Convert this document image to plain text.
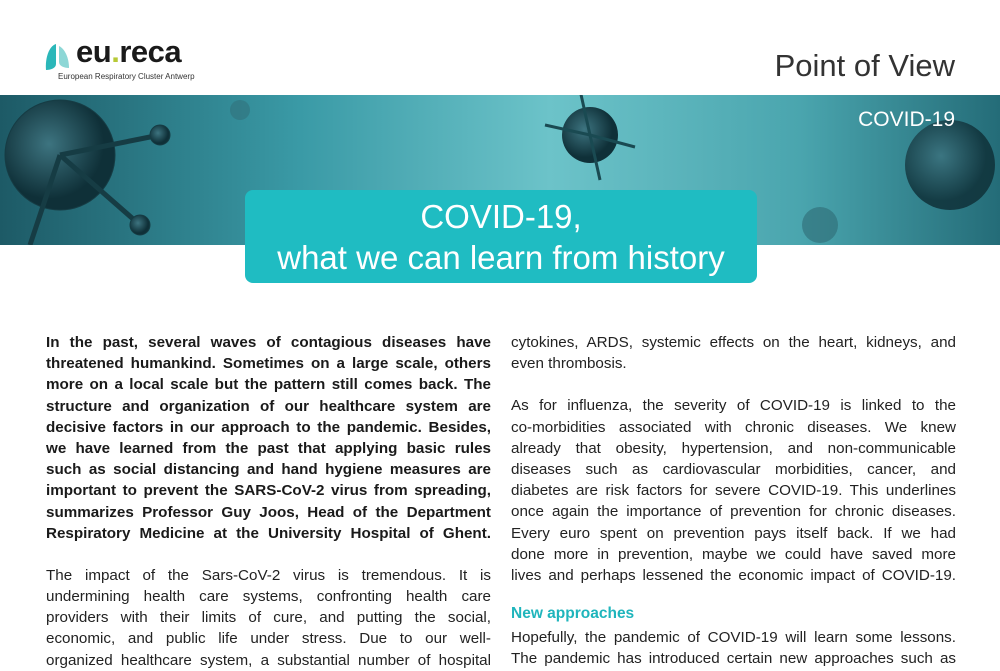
eu.reca
European Respiratory Cluster Antwerp	Point of View
COVID-19
COVID-19,
what we can learn from history
In the past, several waves of contagious diseases have
threatened humankind. Sometimes on a large scale, others
more on a local scale but the pattern still comes back. The
structure and organization of our healthcare system are
decisive factors in our approach to the pandemic. Besides,
we have learned from the past that applying basic rules
such as social distancing and hand hygiene measures are
important to prevent the SARS-CoV-2 virus from spreading,
summarizes Professor Guy Joos, Head of the Department
Respiratory Medicine at the University Hospital of Ghent.
The impact of the Sars-CoV-2 virus is tremendous. It is
undermining health care systems, confronting health care
providers with their limits of cure, and putting the social,
economic, and public life under stress. Due to our well-
organized healthcare system, a substantial number of hospital
cytokines, ARDS, systemic effects on the heart, kidneys, and
even thrombosis.
As for influenza, the severity of COVID-19 is linked to the
co-morbidities associated with chronic diseases. We knew
already that obesity, hypertension, and non-communicable
diseases such as cardiovascular morbidities, cancer, and
diabetes are risk factors for severe COVID-19. This underlines
once again the importance of prevention for chronic diseases.
Every euro spent on prevention pays itself back. If we had
done more in prevention, maybe we could have saved more
lives and perhaps lessened the economic impact of COVID-19.
New approaches
Hopefully, the pandemic of COVID-19 will learn some lessons.
The pandemic has introduced certain new approaches such as
